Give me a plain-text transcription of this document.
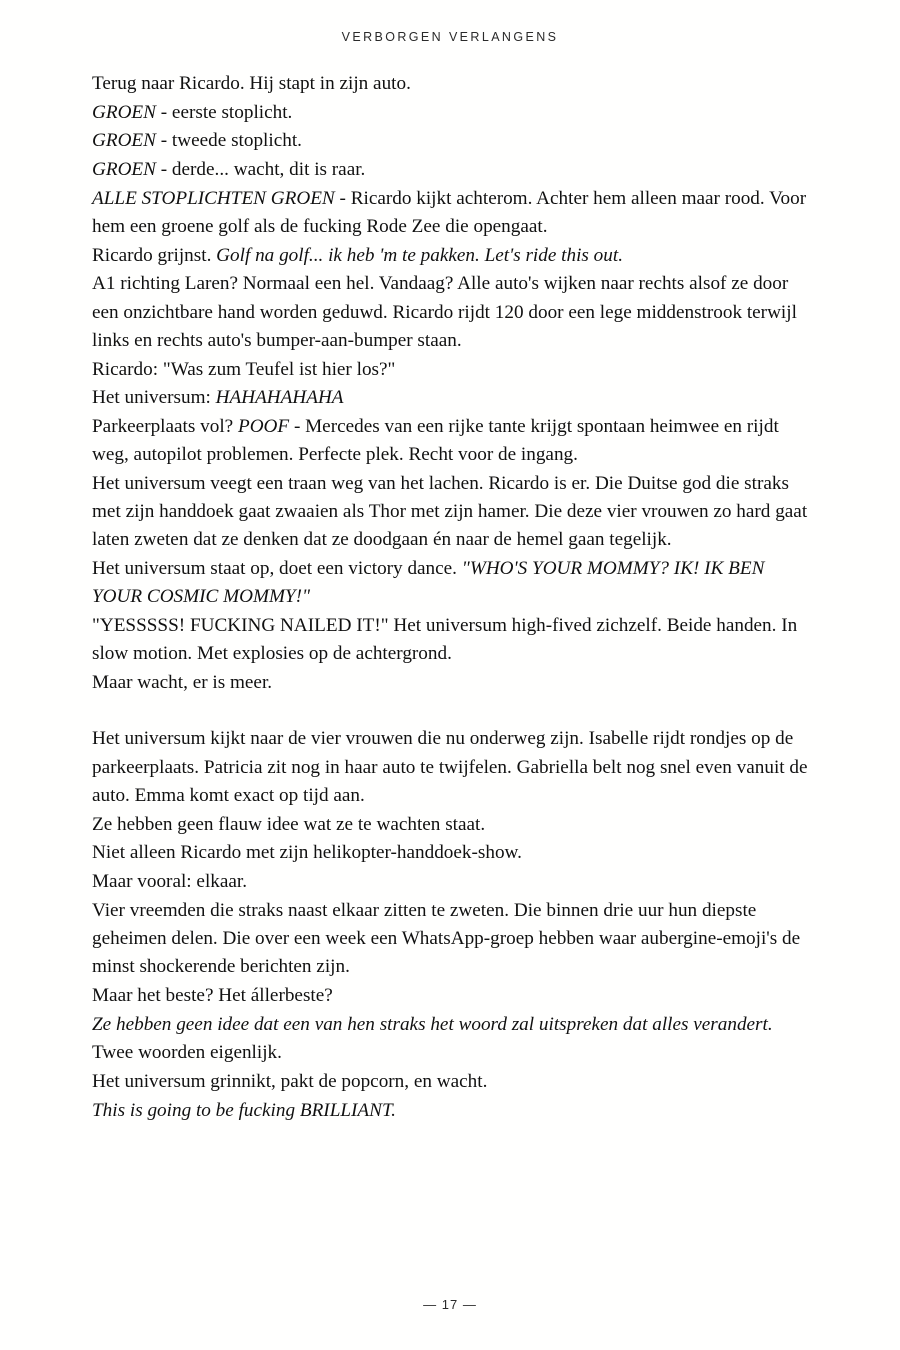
VERBORGEN VERLANGENS

Terug naar Ricardo. Hij stapt in zijn auto.

GROEN - eerste stoplicht.

GROEN - tweede stoplicht.

GROEN - derde... wacht, dit is raar.

ALLE STOPLICHTEN GROEN - Ricardo kijkt achterom. Achter hem alleen maar rood. Voor hem een groene golf als de fucking Rode Zee die opengaat.

Ricardo grijnst. Golf na golf... ik heb 'm te pakken. Let's ride this out.

A1 richting Laren? Normaal een hel. Vandaag? Alle auto's wijken naar rechts alsof ze door een onzichtbare hand worden geduwd. Ricardo rijdt 120 door een lege middenstrook terwijl links en rechts auto's bumper-aan-bumper staan.

Ricardo: "Was zum Teufel ist hier los?"

Het universum: HAHAHAHAHA

Parkeerplaats vol? POOF - Mercedes van een rijke tante krijgt spontaan heimwee en rijdt weg, autopilot problemen. Perfecte plek. Recht voor de ingang.

Het universum veegt een traan weg van het lachen. Ricardo is er. Die Duitse god die straks met zijn handdoek gaat zwaaien als Thor met zijn hamer. Die deze vier vrouwen zo hard gaat laten zweten dat ze denken dat ze doodgaan én naar de hemel gaan tegelijk.

Het universum staat op, doet een victory dance. "WHO'S YOUR MOMMY? IK! IK BEN YOUR COSMIC MOMMY!"

"YESSSSS! FUCKING NAILED IT!" Het universum high-fived zichzelf. Beide handen. In slow motion. Met explosies op de achtergrond.

Maar wacht, er is meer.

Het universum kijkt naar de vier vrouwen die nu onderweg zijn. Isabelle rijdt rondjes op de parkeerplaats. Patricia zit nog in haar auto te twijfelen. Gabriella belt nog snel even vanuit de auto. Emma komt exact op tijd aan.

Ze hebben geen flauw idee wat ze te wachten staat.

Niet alleen Ricardo met zijn helikopter-handdoek-show.

Maar vooral: elkaar.

Vier vreemden die straks naast elkaar zitten te zweten. Die binnen drie uur hun diepste geheimen delen. Die over een week een WhatsApp-groep hebben waar aubergine-emoji's de minst shockerende berichten zijn.

Maar het beste? Het állerbeste?

Ze hebben geen idee dat een van hen straks het woord zal uitspreken dat alles verandert.

Twee woorden eigenlijk.

Het universum grinnikt, pakt de popcorn, en wacht.

This is going to be fucking BRILLIANT.

— 17 —
